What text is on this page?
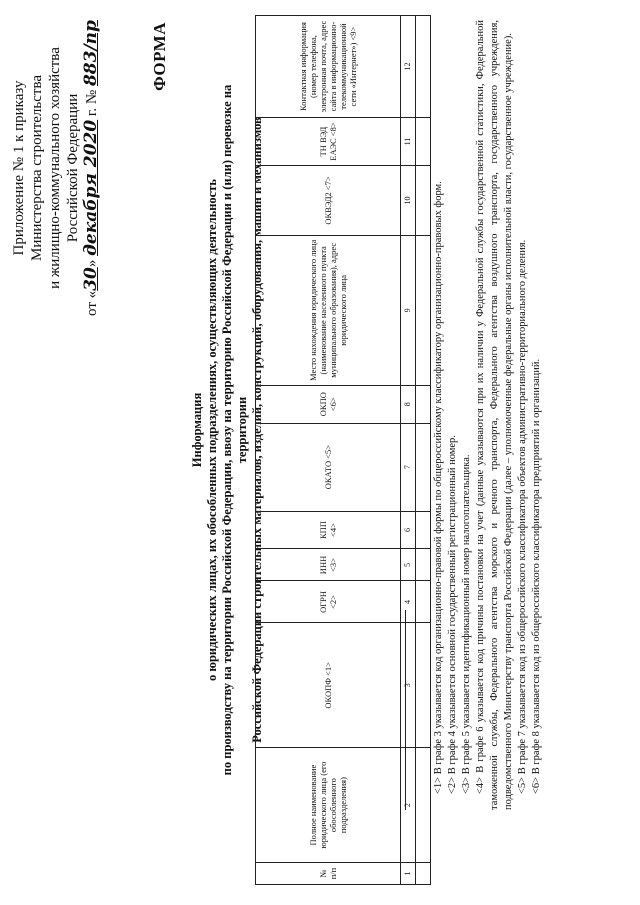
Приложение № 1 к приказу Министерства строительства и жилищно-коммунального хозяйства Российской Федерации
от «30» декабря 2020 г. № 883/пр	ФОРМА
Информация о юридических лицах, их обособленных подразделениях, осуществляющих деятельность по производству на территории Российской Федерации, ввозу на территорию Российской Федерации и (или) перевозке на территории Российской Федерации строительных материалов, изделий, конструкций, оборудования, машин и механизмов
№ п/п	Полное наименование юридического лица (его обособленного подразделения)	ОКОПФ <1>	ОГРН <2>	ИНН <3>	КПП <4>	ОКАТО <5>	ОКПО <6>	Место нахождения юридического лица (наименование населенного пункта муниципального образования), адрес юридического лица	ОКВЭД2 <7>	ТН ВЭД ЕАЭС <8>	Контактная информация (номер телефона, электронная почта, адрес сайта в информационно-телекоммуникационной сети «Интернет») <9>
1	2	3	4	5	6	7	8	9	10	11	12

<1> В графе 3 указывается код организационно-правовой формы по общероссийскому классификатору организационно-правовых форм. <2> В графе 4 указывается основной государственный регистрационный номер. <3> В графе 5 указывается идентификационный номер налогоплательщика. <4> В графе 6 указывается код причины постановки на учет (данные указываются при их наличии у Федеральной службы государственной статистики, Федеральной таможенной службы, Федерального агентства морского и речного транспорта, Федерального агентства воздушного транспорта, государственного учреждения, подведомственного Министерству транспорта Российской Федерации (далее – уполномоченные федеральные органы исполнительной власти, государственное учреждение). <5> В графе 7 указывается код из общероссийского классификатора объектов административно-территориального деления. <6> В графе 8 указывается код из общероссийского классификатора предприятий и организаций.
